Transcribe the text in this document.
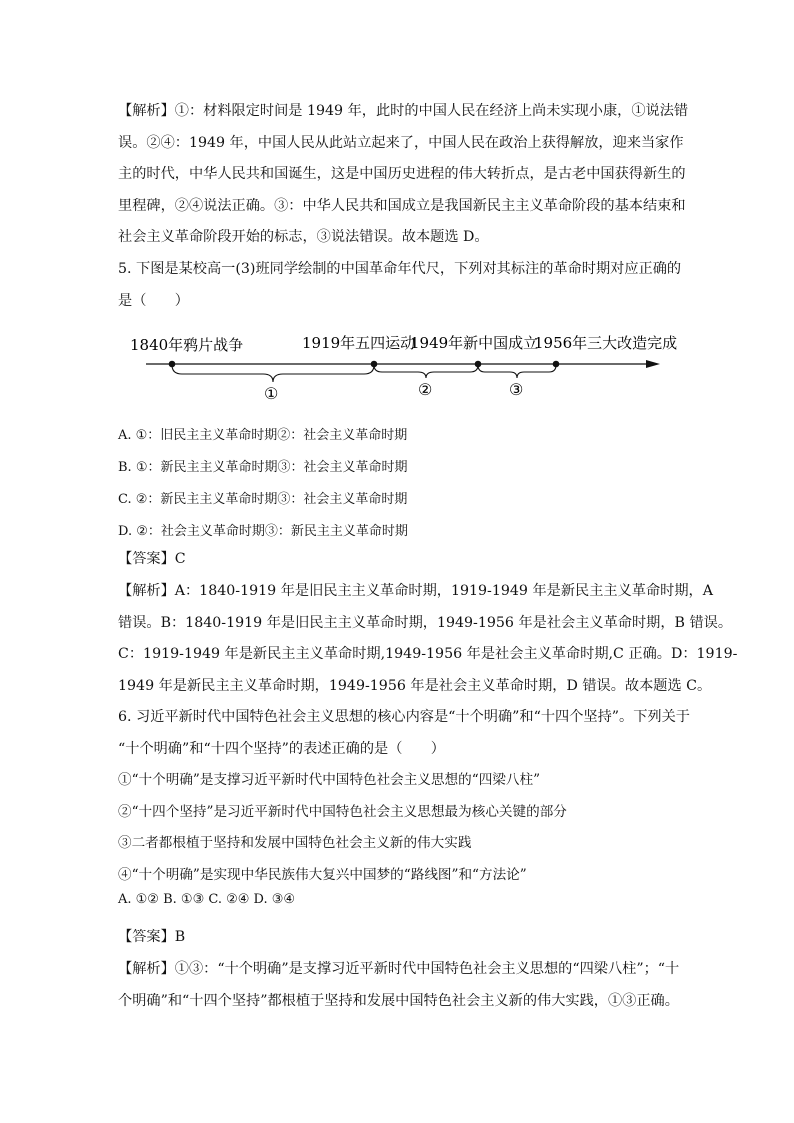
【解析】①：材料限定时间是 1949 年，此时的中国人民在经济上尚未实现小康，①说法错
误。②④：1949 年，中国人民从此站立起来了，中国人民在政治上获得解放，迎来当家作
主的时代，中华人民共和国诞生，这是中国历史进程的伟大转折点，是古老中国获得新生的
里程碑，②④说法正确。③：中华人民共和国成立是我国新民主主义革命阶段的基本结束和
社会主义革命阶段开始的标志，③说法错误。故本题选 D。
5. 下图是某校高一(3)班同学绘制的中国革命年代尺，下列对其标注的革命时期对应正确的
是（　　）
1840年鸦片战争	1919年五四运动
1949年新中国成立
1956年三大改造完成
①	②	③
A. ①：旧民主主义革命时期②：社会主义革命时期
B. ①：新民主主义革命时期③：社会主义革命时期
C. ②：新民主主义革命时期③：社会主义革命时期
D. ②：社会主义革命时期③：新民主主义革命时期
【答案】C
【解析】A：1840-1919 年是旧民主主义革命时期，1919-1949 年是新民主主义革命时期，A
错误。B：1840-1919 年是旧民主主义革命时期，1949-1956 年是社会主义革命时期，B 错误。
C：1919-1949 年是新民主主义革命时期,1949-1956 年是社会主义革命时期,C 正确。D：1919-
1949 年是新民主主义革命时期，1949-1956 年是社会主义革命时期，D 错误。故本题选 C。
6. 习近平新时代中国特色社会主义思想的核心内容是“十个明确”和“十四个坚持”。下列关于
“十个明确”和“十四个坚持”的表述正确的是（　　）
①“十个明确”是支撑习近平新时代中国特色社会主义思想的“四梁八柱”
②“十四个坚持”是习近平新时代中国特色社会主义思想最为核心关键的部分
③二者都根植于坚持和发展中国特色社会主义新的伟大实践
④“十个明确”是实现中华民族伟大复兴中国梦的“路线图”和“方法论”
A. ①② B. ①③ C. ②④ D. ③④
【答案】B
【解析】①③：“十个明确”是支撑习近平新时代中国特色社会主义思想的“四梁八柱”；“十
个明确”和“十四个坚持”都根植于坚持和发展中国特色社会主义新的伟大实践，①③正确。
